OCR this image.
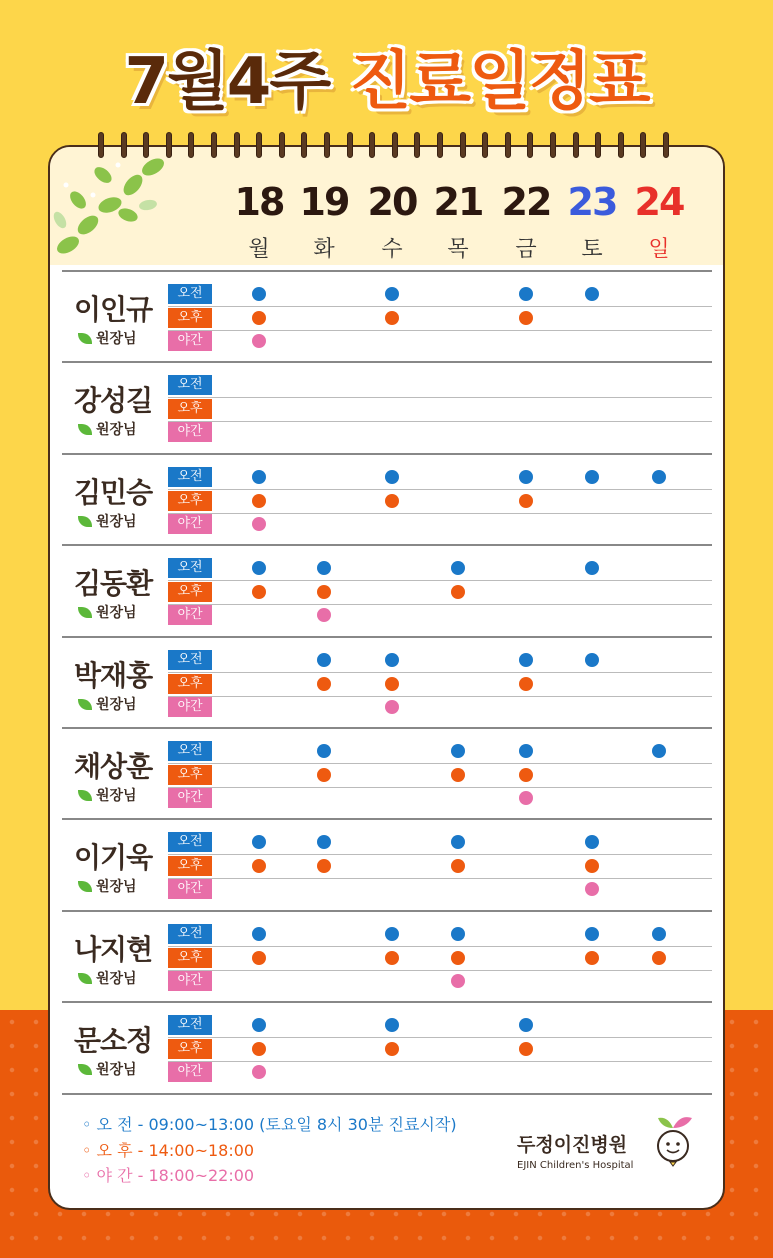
7월4주 진료일정표
18
월
19
화
20
수
21
목
22
금
23
토
24
일
이인규
원장님
오전
오후
야간
강성길
원장님
오전
오후
야간
김민승
원장님
오전
오후
야간
김동환
원장님
오전
오후
야간
박재홍
원장님
오전
오후
야간
채상훈
원장님
오전
오후
야간
이기욱
원장님
오전
오후
야간
나지현
원장님
오전
오후
야간
문소정
원장님
오전
오후
야간
◦ 오 전 - 09:00~13:00 (토요일 8시 30분 진료시작)
◦ 오 후 - 14:00~18:00
◦ 야 간 - 18:00~22:00
두정이진병원
EJIN Children's Hospital
